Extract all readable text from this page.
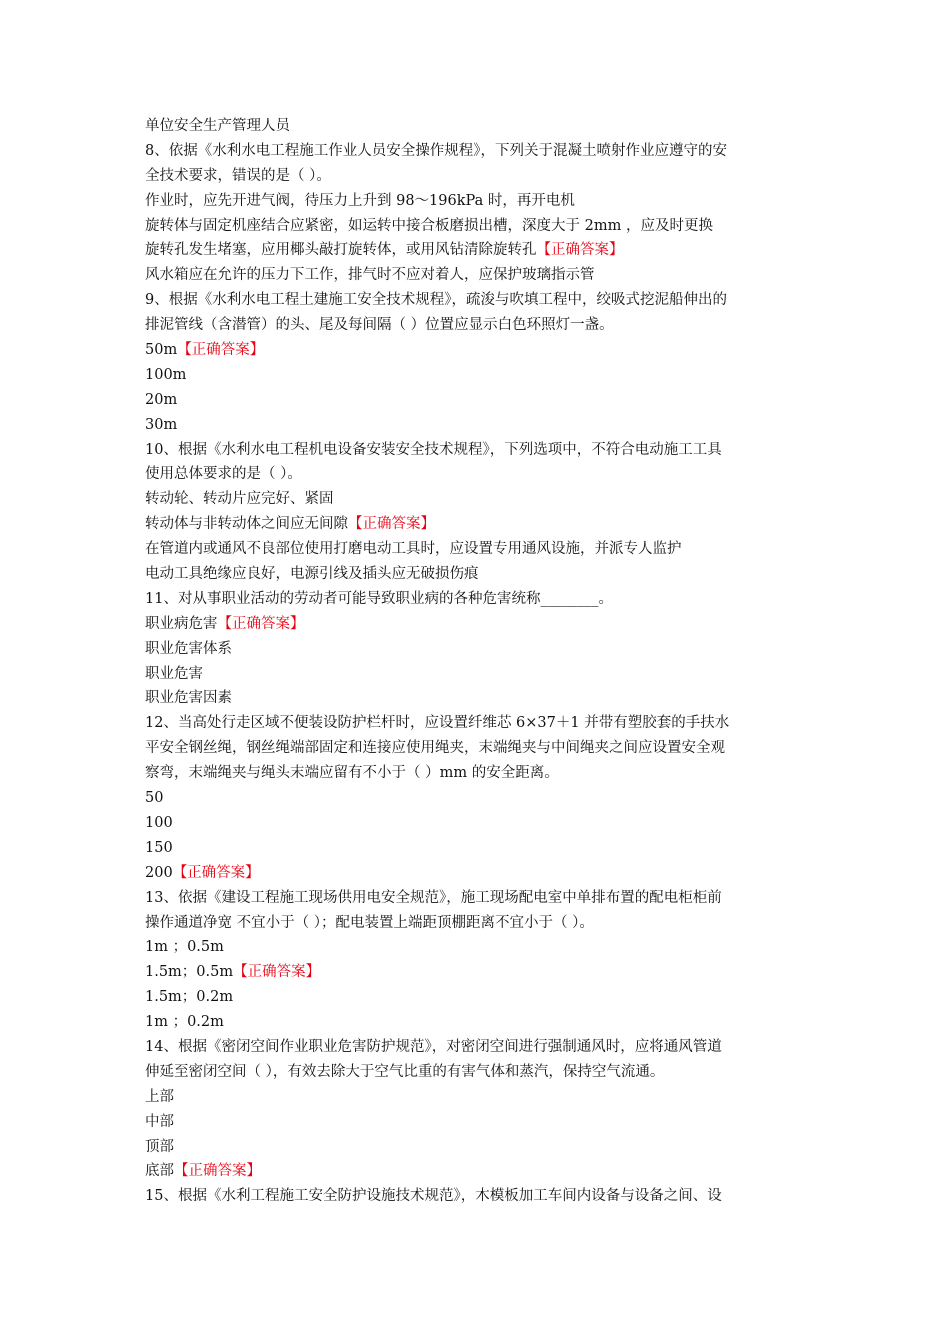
单位安全生产管理人员

8、依据《水利水电工程施工作业人员安全操作规程》，下列关于混凝土喷射作业应遵守的安

全技术要求，错误的是（ ）。

作业时，应先开进气阀，待压力上升到 98～196kPa 时，再开电机

旋转体与固定机座结合应紧密，如运转中接合板磨损出槽，深度大于 2mm ，应及时更换

旋转孔发生堵塞，应用椰头敲打旋转体，或用风钻清除旋转孔【正确答案】

风水箱应在允许的压力下工作，排气时不应对着人，应保护玻璃指示管

9、根据《水利水电工程土建施工安全技术规程》，疏浚与吹填工程中，绞吸式挖泥船伸出的

排泥管线（含潜管）的头、尾及每间隔（ ）位置应显示白色环照灯一盏。

50m【正确答案】

100m

20m

30m

10、根据《水利水电工程机电设备安装安全技术规程》，下列选项中，不符合电动施工工具

使用总体要求的是（ ）。

转动轮、转动片应完好、紧固

转动体与非转动体之间应无间隙【正确答案】

在管道内或通风不良部位使用打磨电动工具时，应设置专用通风设施，并派专人监护

电动工具绝缘应良好，电源引线及插头应无破损伤痕

11、对从事职业活动的劳动者可能导致职业病的各种危害统称________。

职业病危害【正确答案】

职业危害体系

职业危害

职业危害因素

12、当高处行走区域不便装设防护栏杆时，应设置纤维芯 6×37＋1 并带有塑胶套的手扶水

平安全钢丝绳，钢丝绳端部固定和连接应使用绳夹，末端绳夹与中间绳夹之间应设置安全观

察弯，末端绳夹与绳头末端应留有不小于（ ）mm 的安全距离。

50

100

150

200【正确答案】

13、依据《建设工程施工现场供用电安全规范》，施工现场配电室中单排布置的配电柜柜前

操作通道净宽 不宜小于（ ）；配电装置上端距顶棚距离不宜小于（ ）。

1m ；0.5m

1.5m；0.5m【正确答案】

1.5m；0.2m

1m ；0.2m

14、根据《密闭空间作业职业危害防护规范》，对密闭空间进行强制通风时，应将通风管道

伸延至密闭空间（ ），有效去除大于空气比重的有害气体和蒸汽，保持空气流通。

上部

中部

顶部

底部【正确答案】

15、根据《水利工程施工安全防护设施技术规范》，木模板加工车间内设备与设备之间、设
